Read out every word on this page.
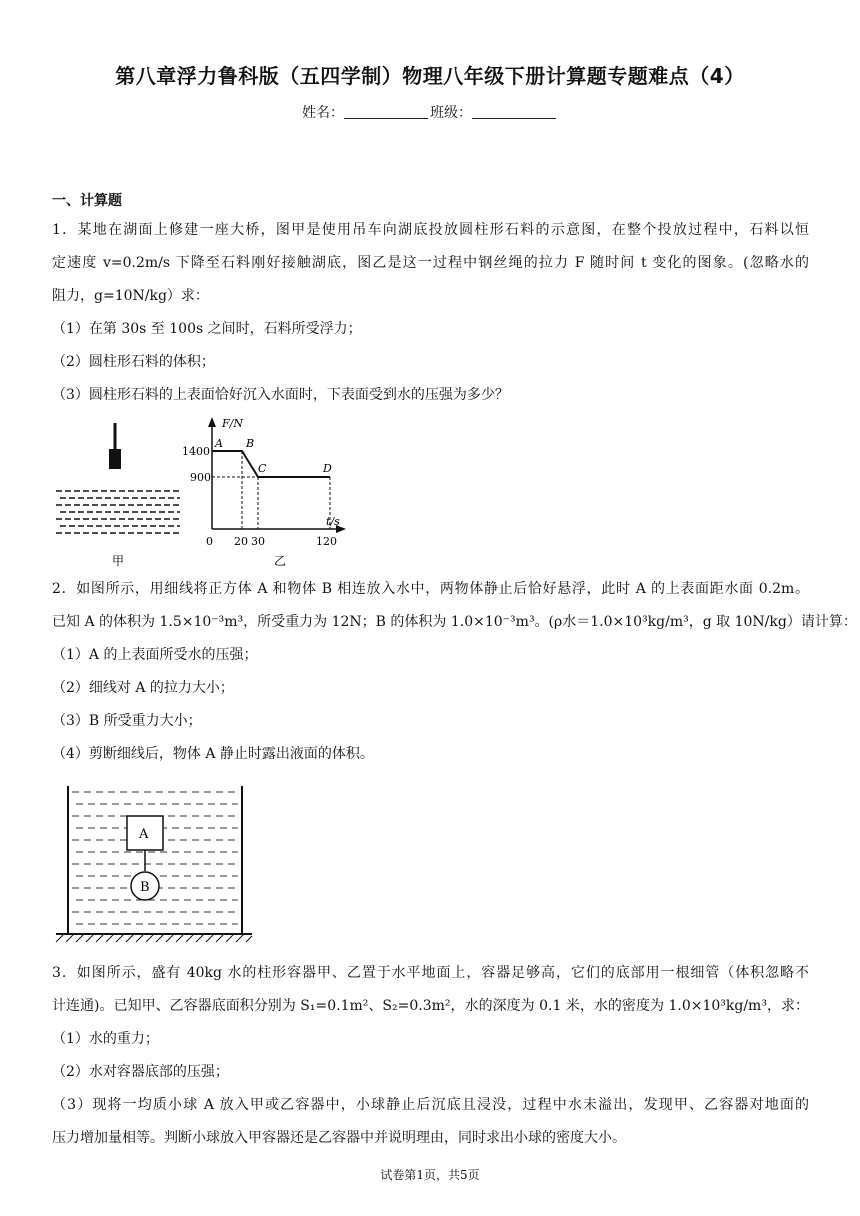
第八章浮力鲁科版（五四学制）物理八年级下册计算题专题难点（4）
姓名：	班级：
一、计算题
1．某地在湖面上修建一座大桥，图甲是使用吊车向湖底投放圆柱形石料的示意图，在整个投放过程中，石料以恒
定速度 v=0.2m/s 下降至石料刚好接触湖底，图乙是这一过程中钢丝绳的拉力 F 随时间 t 变化的图象。(忽略水的
阻力，g=10N/kg）求：
（1）在第 30s 至 100s 之间时，石料所受浮力；
（2）圆柱形石料的体积；
（3）圆柱形石料的上表面恰好沉入水面时，下表面受到水的压强为多少？
甲
F/N
t/s
1400
900
0 20 30	120
A B
C	D
乙
2．如图所示，用细线将正方体 A 和物体 B 相连放入水中，两物体静止后恰好悬浮，此时 A 的上表面距水面 0.2m。
已知 A 的体积为 1.5×10⁻³m³，所受重力为 12N；B 的体积为 1.0×10⁻³m³。(ρ水＝1.0×10³kg/m³，g 取 10N/kg）请计算：
（1）A 的上表面所受水的压强；
（2）细线对 A 的拉力大小；
（3）B 所受重力大小；
（4）剪断细线后，物体 A 静止时露出液面的体积。
A
B
3．如图所示，盛有 40kg 水的柱形容器甲、乙置于水平地面上，容器足够高，它们的底部用一根细管（体积忽略不
计连通)。已知甲、乙容器底面积分别为 S₁=0.1m²、S₂=0.3m²，水的深度为 0.1 米，水的密度为 1.0×10³kg/m³，求：
（1）水的重力；
（2）水对容器底部的压强；
（3）现将一均质小球 A 放入甲或乙容器中，小球静止后沉底且浸没，过程中水未溢出，发现甲、乙容器对地面的
压力增加量相等。判断小球放入甲容器还是乙容器中并说明理由，同时求出小球的密度大小。
试卷第1页，共5页
